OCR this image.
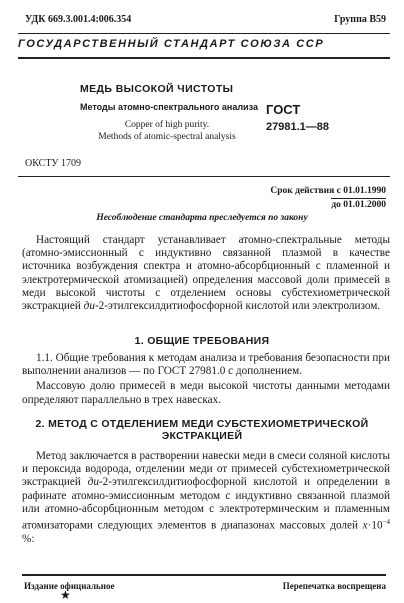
УДК 669.3.001.4:006.354	Группа В59
ГОСУДАРСТВЕННЫЙ СТАНДАРТ СОЮЗА ССР
МЕДЬ ВЫСОКОЙ ЧИСТОТЫ
Методы атомно-спектрального анализа
Copper of high purity.
Methods of atomic-spectral analysis
ГОСТ
27981.1—88
ОКСТУ 1709
Срок действия с 01.01.1990
до 01.01.2000
Несоблюдение стандарта преследуется по закону

Настоящий стандарт устанавливает атомно-спектральные методы (атомно-эмиссионный с индуктивно связанной плазмой в качестве источника возбуждения спектра и атомно-абсорбционный с пламенной и электротермической атомизацией) определения массовой доли примесей в меди высокой чистоты с отделением основы субстехиометрической экстракцией ди-2-этилгексилдитиофосфорной кислотой или электролизом.

1. ОБЩИЕ ТРЕБОВАНИЯ

1.1. Общие требования к методам анализа и требования безопасности при выполнении анализов — по ГОСТ 27981.0 с дополнением.

Массовую долю примесей в меди высокой чистоты данными методами определяют параллельно в трех навесках.

2. МЕТОД С ОТДЕЛЕНИЕМ МЕДИ СУБСТЕХИОМЕТРИЧЕСКОЙ
ЭКСТРАКЦИЕЙ

Метод заключается в растворении навески меди в смеси соляной кислоты и пероксида водорода, отделении меди от примесей субстехиометрической экстракцией ди-2-этилгексилдитиофосфорной кислотой и определении в рафинате атомно-эмиссионным методом с индуктивно связанной плазмой или атомно-абсорбционным методом с электротермическим и пламенным атомизаторами следующих элементов в диапазонах массовых долей $x\cdot 10^{-4}$ %:

Издание официальное	Перепечатка воспрещена
★
